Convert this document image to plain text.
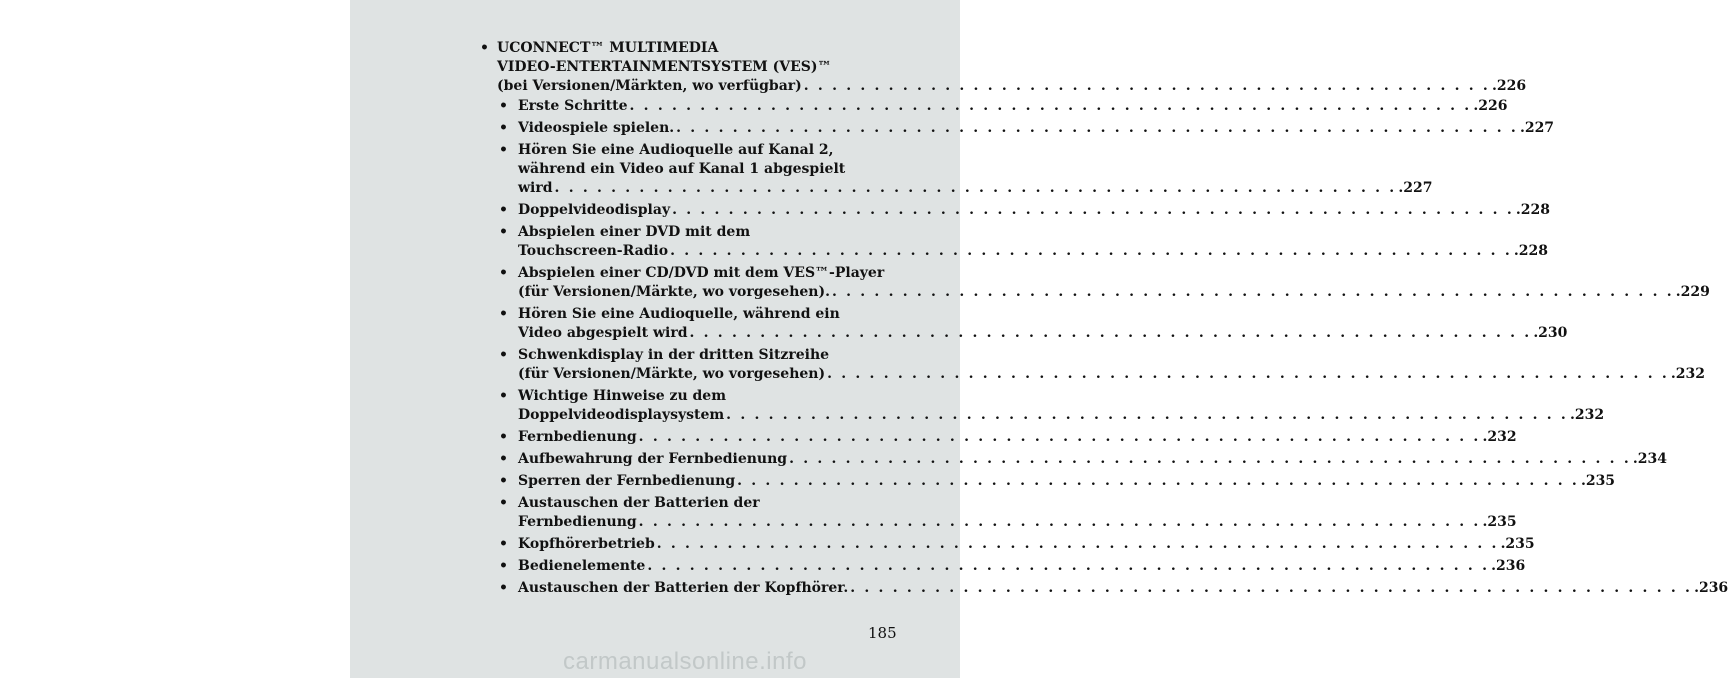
• UCONNECT™ MULTIMEDIA
VIDEO-ENTERTAINMENTSYSTEM (VES)™
(bei Versionen/Märkten, wo verfügbar) . . . . . . . . . . . . . . . . . . . . . . . . . . . . . . . . . . . . . . . . . . . . . . . . . .226
• Erste Schritte . . . . . . . . . . . . . . . . . . . . . . . . . . . . . . . . . . . . . . . . . . . . . . . . . . . . . . . . . . . . .226
• Videospiele spielen. . . . . . . . . . . . . . . . . . . . . . . . . . . . . . . . . . . . . . . . . . . . . . . . . . . . . . . . . . . . . .227
• Hören Sie eine Audioquelle auf Kanal 2,
während ein Video auf Kanal 1 abgespielt
wird . . . . . . . . . . . . . . . . . . . . . . . . . . . . . . . . . . . . . . . . . . . . . . . . . . . . . . . . . . . . .227
• Doppelvideodisplay . . . . . . . . . . . . . . . . . . . . . . . . . . . . . . . . . . . . . . . . . . . . . . . . . . . . . . . . . . . . .228
• Abspielen einer DVD mit dem
Touchscreen-Radio . . . . . . . . . . . . . . . . . . . . . . . . . . . . . . . . . . . . . . . . . . . . . . . . . . . . . . . . . . . . .228
• Abspielen einer CD/DVD mit dem VES™-Player
(für Versionen/Märkte, wo vorgesehen). . . . . . . . . . . . . . . . . . . . . . . . . . . . . . . . . . . . . . . . . . . . . . . . . . . . . . . . . . . . . .229
• Hören Sie eine Audioquelle, während ein
Video abgespielt wird . . . . . . . . . . . . . . . . . . . . . . . . . . . . . . . . . . . . . . . . . . . . . . . . . . . . . . . . . . . . .230
• Schwenkdisplay in der dritten Sitzreihe
(für Versionen/Märkte, wo vorgesehen) . . . . . . . . . . . . . . . . . . . . . . . . . . . . . . . . . . . . . . . . . . . . . . . . . . . . . . . . . . . . .232
• Wichtige Hinweise zu dem
Doppelvideodisplaysystem . . . . . . . . . . . . . . . . . . . . . . . . . . . . . . . . . . . . . . . . . . . . . . . . . . . . . . . . . . . . .232
• Fernbedienung . . . . . . . . . . . . . . . . . . . . . . . . . . . . . . . . . . . . . . . . . . . . . . . . . . . . . . . . . . . . .232
• Aufbewahrung der Fernbedienung . . . . . . . . . . . . . . . . . . . . . . . . . . . . . . . . . . . . . . . . . . . . . . . . . . . . . . . . . . . . .234
• Sperren der Fernbedienung . . . . . . . . . . . . . . . . . . . . . . . . . . . . . . . . . . . . . . . . . . . . . . . . . . . . . . . . . . . . .235
• Austauschen der Batterien der
Fernbedienung . . . . . . . . . . . . . . . . . . . . . . . . . . . . . . . . . . . . . . . . . . . . . . . . . . . . . . . . . . . . .235
• Kopfhörerbetrieb . . . . . . . . . . . . . . . . . . . . . . . . . . . . . . . . . . . . . . . . . . . . . . . . . . . . . . . . . . . . .235
• Bedienelemente . . . . . . . . . . . . . . . . . . . . . . . . . . . . . . . . . . . . . . . . . . . . . . . . . . . . . . . . . . . . .236
• Austauschen der Batterien der Kopfhörer. . . . . . . . . . . . . . . . . . . . . . . . . . . . . . . . . . . . . . . . . . . . . . . . . . . . . . . . . . . . . .236
185
carmanualsonline.info
